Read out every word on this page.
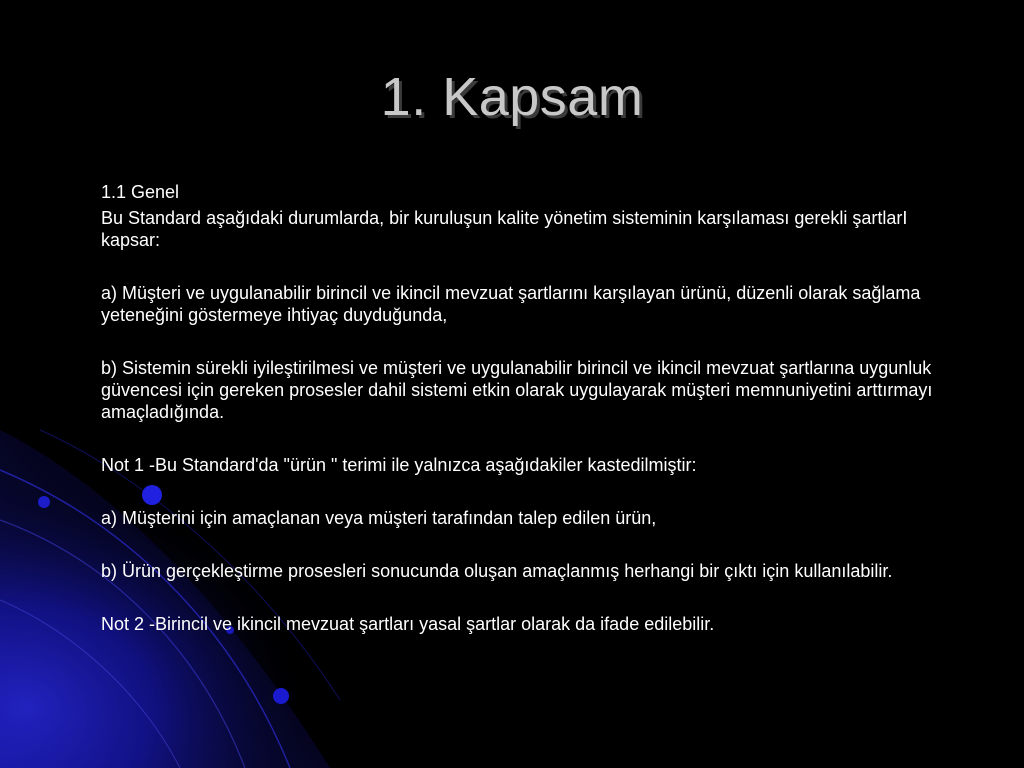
1. Kapsam

1.1 Genel

Bu Standard aşağıdaki durumlarda, bir kuruluşun kalite yönetim sisteminin karşılaması gerekli şartlarI kapsar:

a) Müşteri ve uygulanabilir birincil ve ikincil mevzuat şartlarını karşılayan ürünü, düzenli olarak sağlama yeteneğini göstermeye ihtiyaç duyduğunda,

b) Sistemin sürekli iyileştirilmesi ve müşteri ve uygulanabilir birincil ve ikincil mevzuat şartlarına uygunluk güvencesi için gereken prosesler dahil sistemi etkin olarak uygulayarak müşteri memnuniyetini arttırmayı amaçladığında.

Not 1 -Bu Standard'da "ürün " terimi ile yalnızca aşağıdakiler kastedilmiştir:

a) Müşterini için amaçlanan veya müşteri tarafından talep edilen ürün,

b) Ürün gerçekleştirme prosesleri sonucunda oluşan amaçlanmış herhangi bir çıktı için kullanılabilir.

Not 2 -Birincil ve ikincil mevzuat şartları yasal şartlar olarak da ifade edilebilir.
